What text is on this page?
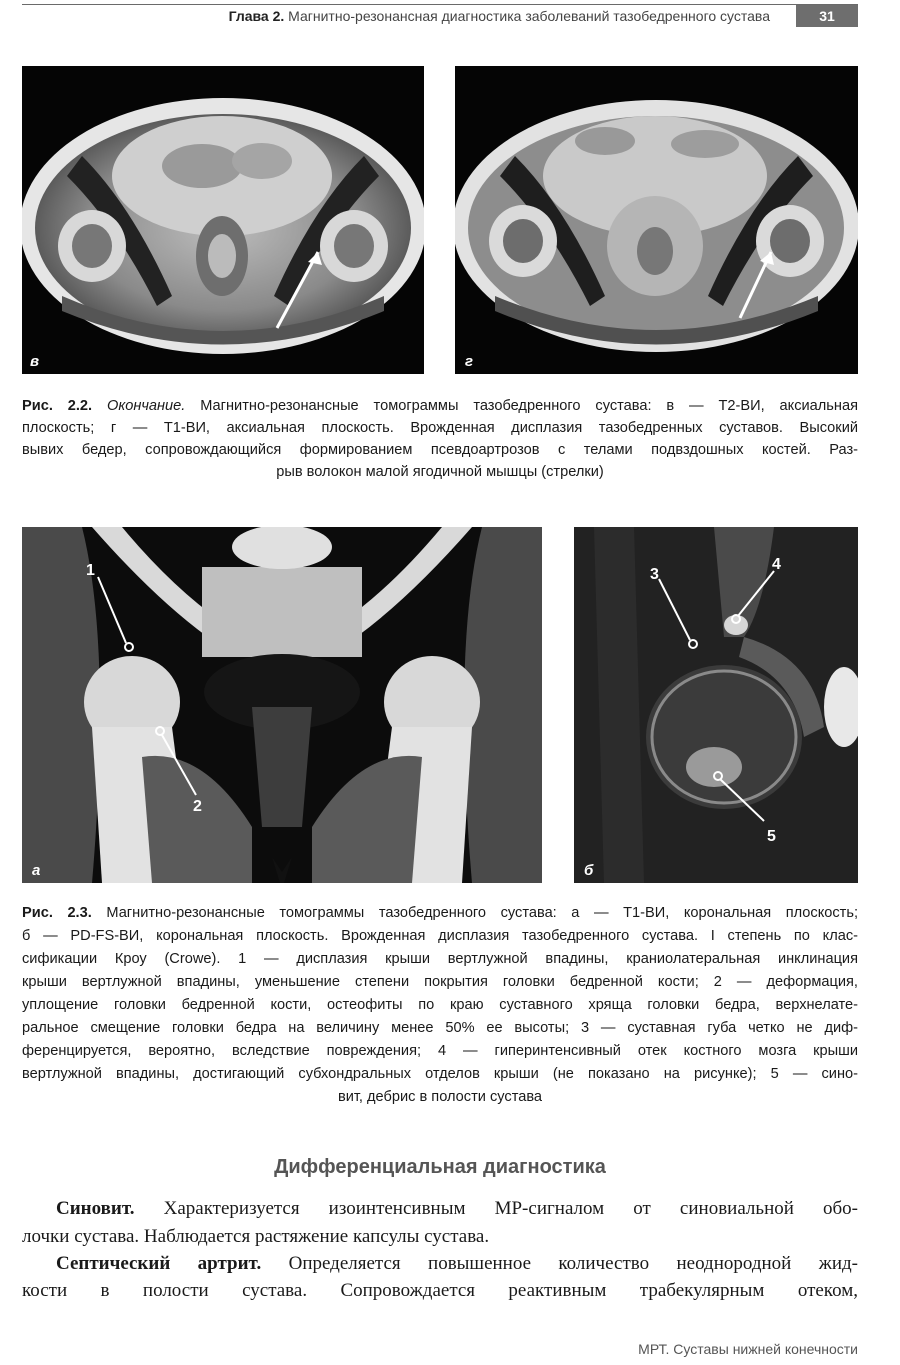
Глава 2. Магнитно-резонансная диагностика заболеваний тазобедренного сустава	31
в	г
Рис. 2.2. Окончание. Магнитно-резонансные томограммы тазобедренного сустава: в — Т2-ВИ, аксиальная
плоскость; г — Т1-ВИ, аксиальная плоскость. Врожденная дисплазия тазобедренных суставов. Высокий
вывих бедер, сопровождающийся формированием псевдоартрозов с телами подвздошных костей. Раз-
рыв волокон малой ягодичной мышцы (стрелки)
1
2
а
3
4
5
б
Рис. 2.3. Магнитно-резонансные томограммы тазобедренного сустава: а — Т1-ВИ, корональная плоскость;
б — PD-FS-ВИ, корональная плоскость. Врожденная дисплазия тазобедренного сустава. I степень по клас-
сификации Кроу (Crowe). 1 — дисплазия крыши вертлужной впадины, краниолатеральная инклинация
крыши вертлужной впадины, уменьшение степени покрытия головки бедренной кости; 2 — деформация,
уплощение головки бедренной кости, остеофиты по краю суставного хряща головки бедра, верхнелате-
ральное смещение головки бедра на величину менее 50% ее высоты; 3 — суставная губа четко не диф-
ференцируется, вероятно, вследствие повреждения; 4 — гиперинтенсивный отек костного мозга крыши
вертлужной впадины, достигающий субхондральных отделов крыши (не показано на рисунке); 5 — сино-
вит, дебрис в полости сустава
Дифференциальная диагностика
Синовит. Характеризуется изоинтенсивным МР-сигналом от синовиальной обо-
лочки сустава. Наблюдается растяжение капсулы сустава.
Септический артрит. Определяется повышенное количество неоднородной жид-
кости в полости сустава. Сопровождается реактивным трабекулярным отеком,
МРТ. Суставы нижней конечности
